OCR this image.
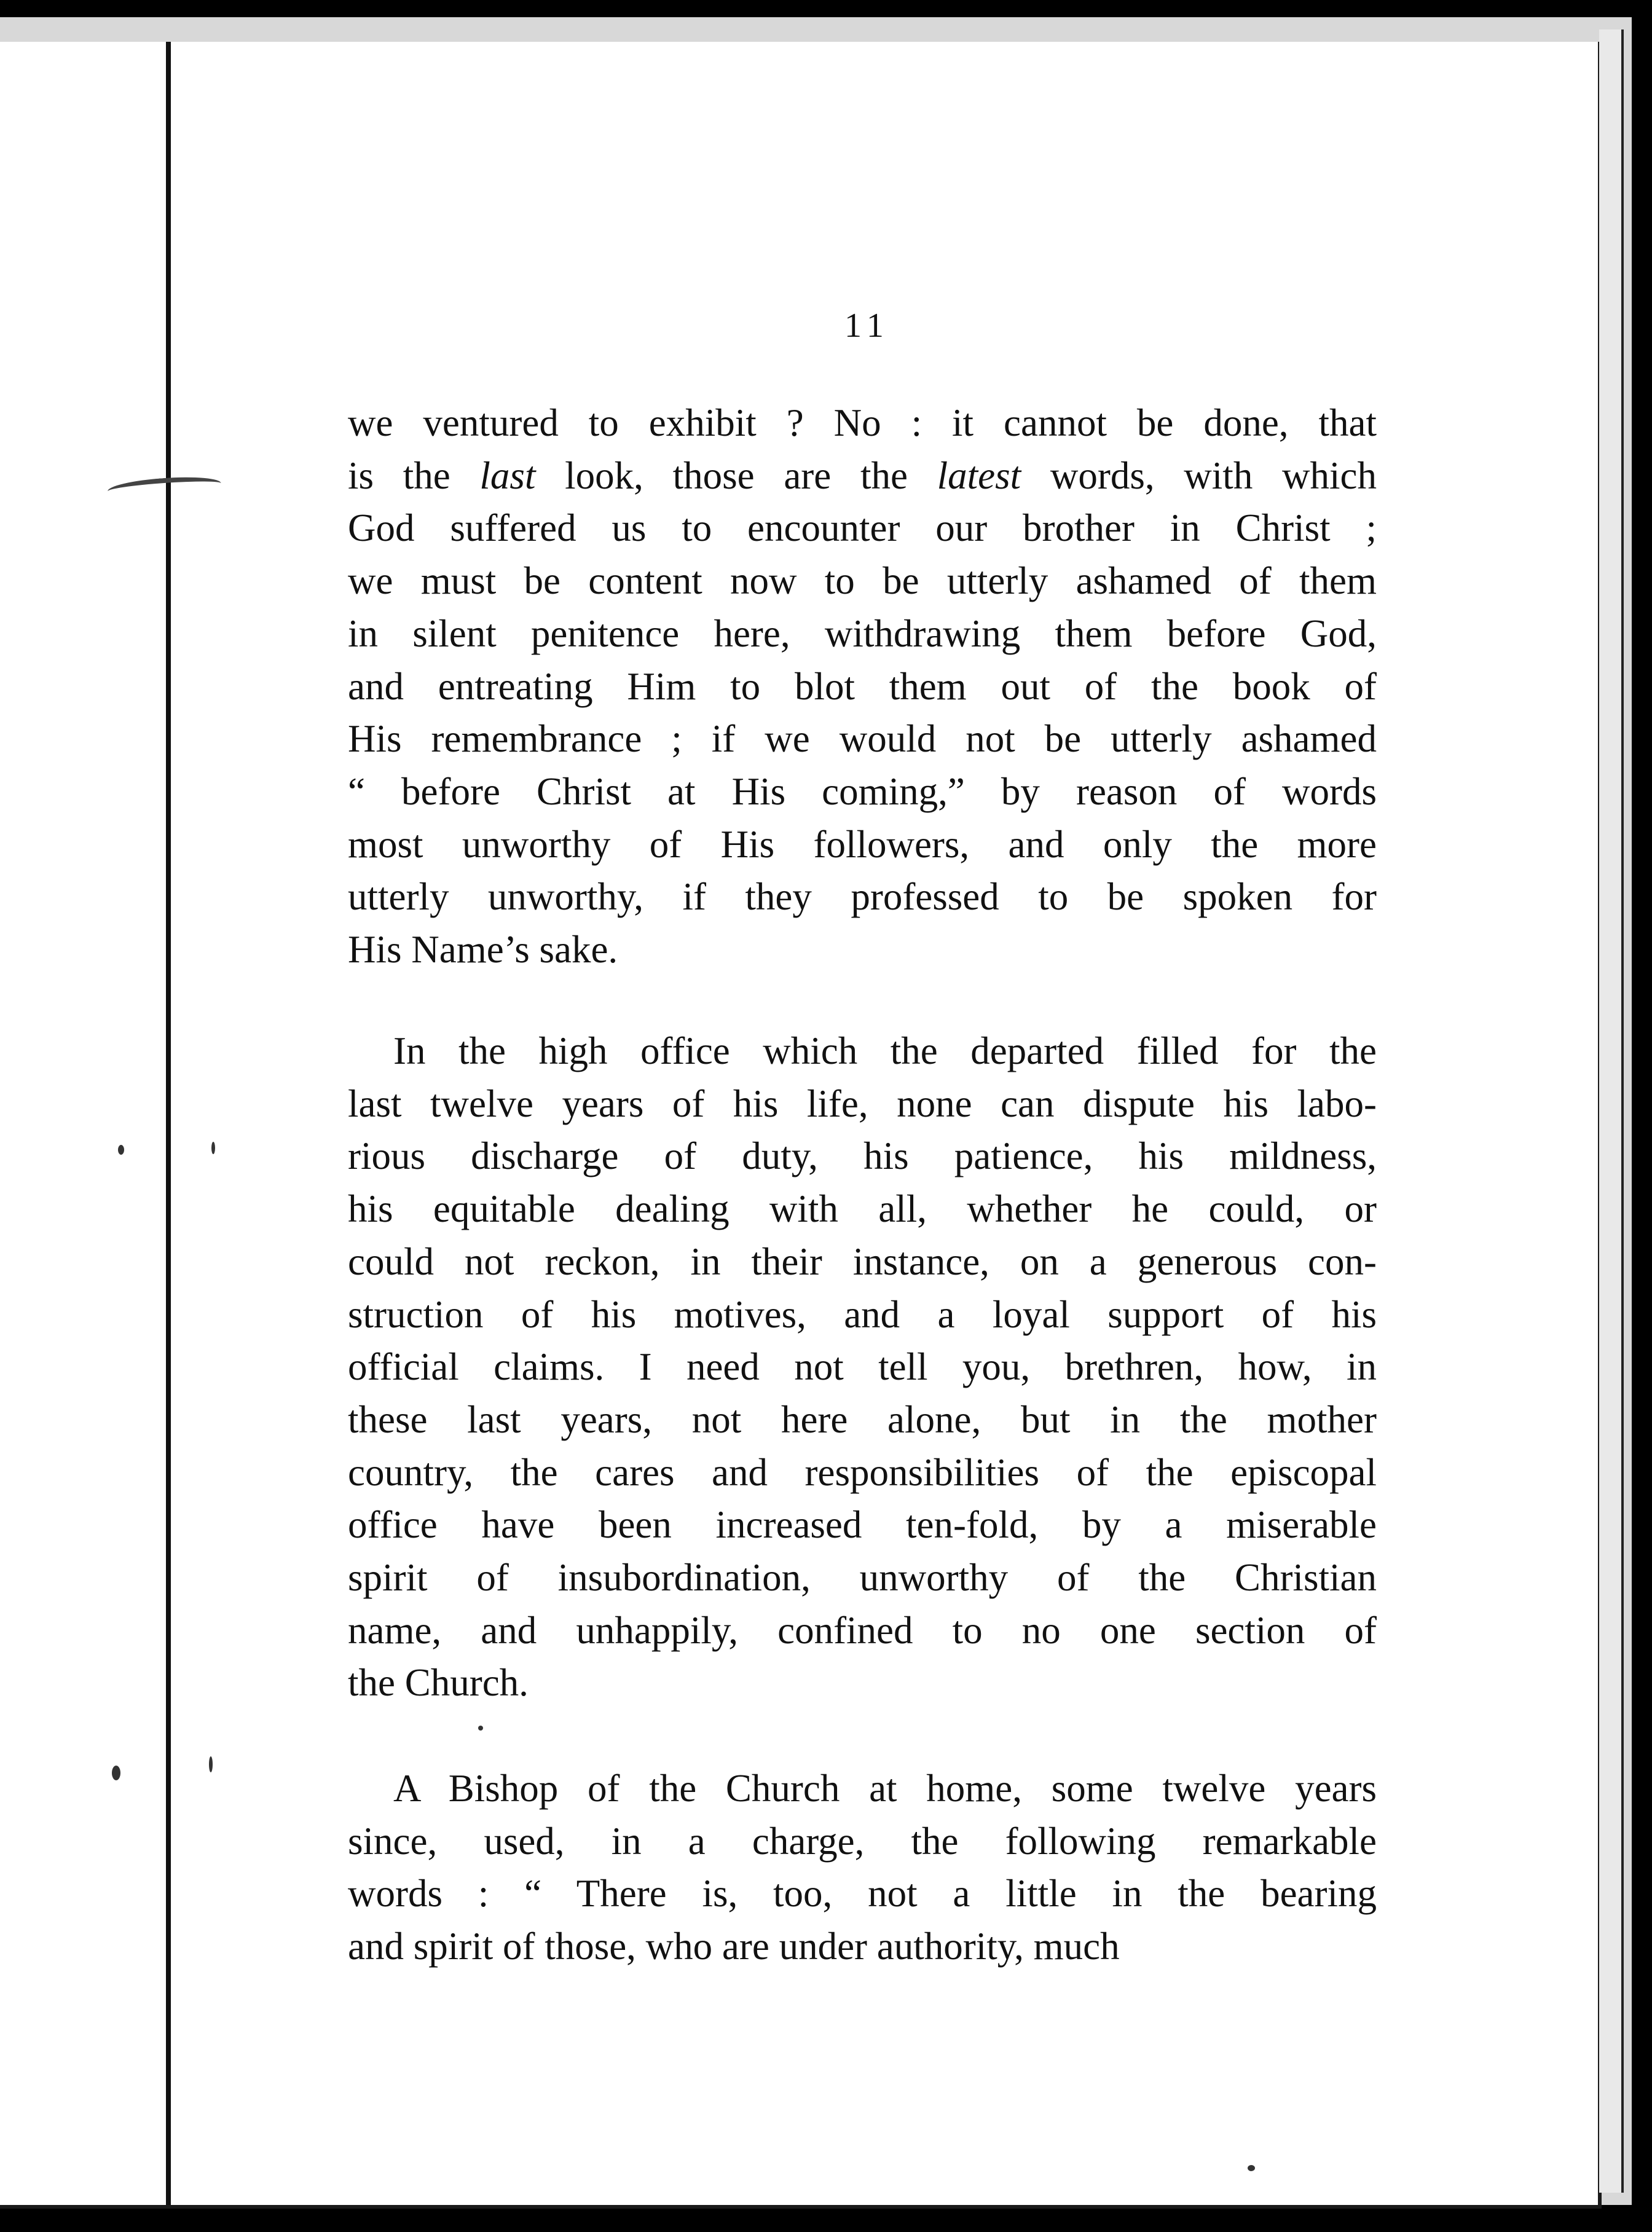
11
we ventured to exhibit ? No : it cannot be done, that
is the last look, those are the latest words, with which
God suffered us to encounter our brother in Christ ;
we must be content now to be utterly ashamed of them
in silent penitence here, withdrawing them before God,
and entreating Him to blot them out of the book of
His remembrance ; if we would not be utterly ashamed
“ before Christ at His coming,” by reason of words
most unworthy of His followers, and only the more
utterly unworthy, if they professed to be spoken for
His Name’s sake.
In the high office which the departed filled for the
last twelve years of his life, none can dispute his labo-
rious discharge of duty, his patience, his mildness,
his equitable dealing with all, whether he could, or
could not reckon, in their instance, on a generous con-
struction of his motives, and a loyal support of his
official claims. I need not tell you, brethren, how, in
these last years, not here alone, but in the mother
country, the cares and responsibilities of the episcopal
office have been increased ten-fold, by a miserable
spirit of insubordination, unworthy of the Christian
name, and unhappily, confined to no one section of
the Church.
A Bishop of the Church at home, some twelve years
since, used, in a charge, the following remarkable
words : “ There is, too, not a little in the bearing
and spirit of those, who are under authority, much
